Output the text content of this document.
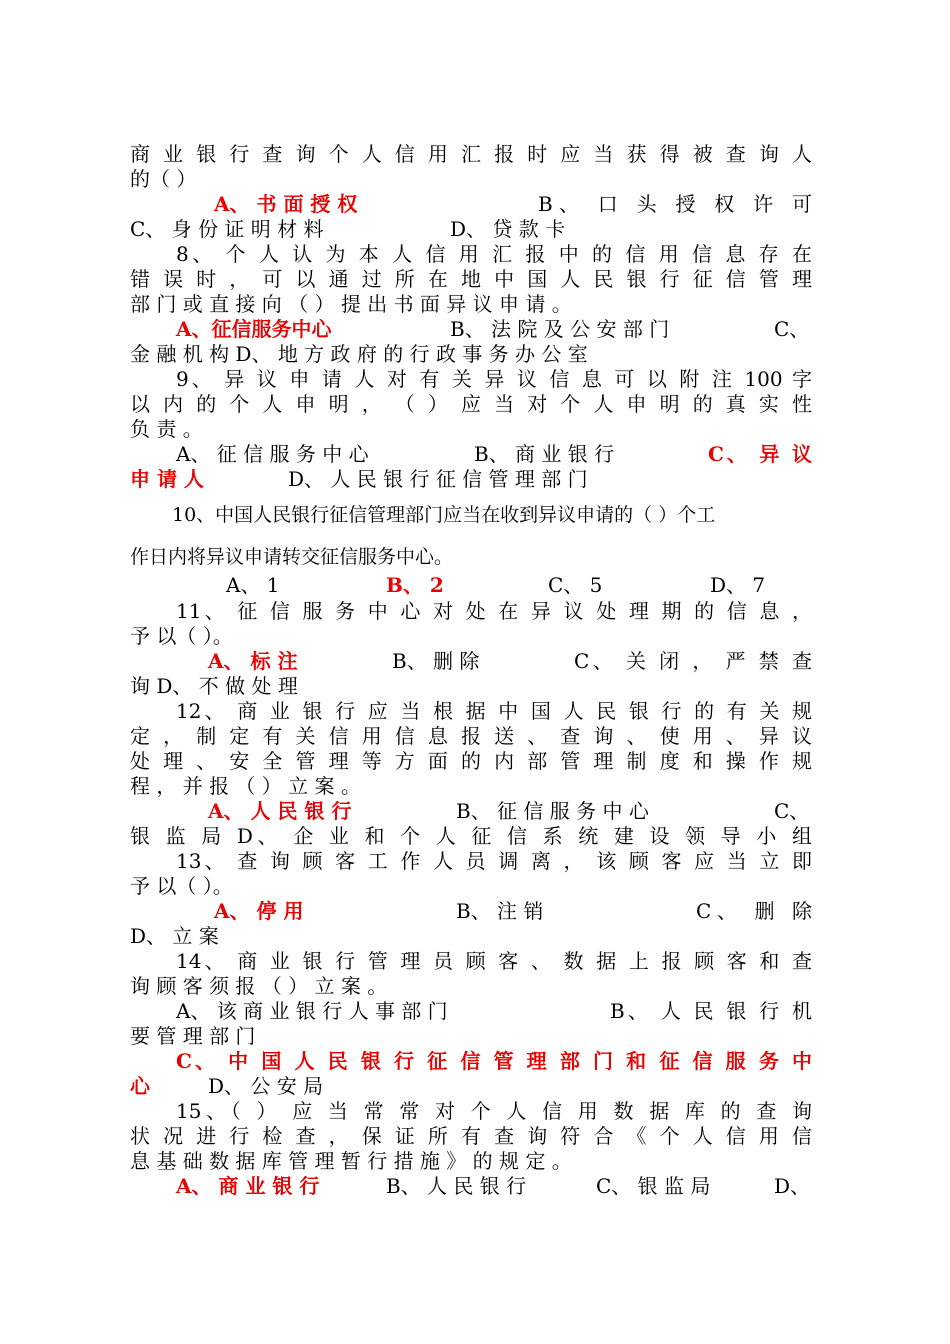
商 业 银 行 查 询 个 人 信 用 汇 报 时 应 当 获 得 被 查 询 人
的（ ）
A、 书 面 授 权	B、 口 头 授 权 许 可
C、 身 份 证 明 材 料	D、 贷 款 卡
8、 个 人 认 为 本 人 信 用 汇 报 中 的 信 用 信 息 存 在
错 误 时 ， 可 以 通 过 所 在 地 中 国 人 民 银 行 征 信 管 理
部 门 或 直 接 向 （ ） 提 出 书 面 异 议 申 请 。
A、征信服务中心	B、 法 院 及 公 安 部 门	C、
金 融 机 构 D、 地 方 政 府 的 行 政 事 务 办 公 室
9、 异 议 申 请 人 对 有 关 异 议 信 息 可 以 附 注 100 字
以 内 的 个 人 申 明 ， （ ） 应 当 对 个 人 申 明 的 真 实 性
负 责 。
A、 征 信 服 务 中 心	B、 商 业 银 行	C、 异 议
申 请 人	D、 人 民 银 行 征 信 管 理 部 门
10、中国人民银行征信管理部门应当在收到异议申请的（ ）个工
作日内将异议申请转交征信服务中心。
A、 1	B、 2	C、 5	D、 7
11、 征 信 服 务 中 心 对 处 在 异 议 处 理 期 的 信 息 ，
予 以（ ）。
A、 标 注	B、 删 除	C、 关 闭 ， 严 禁 查
询 D、 不 做 处 理
12、 商 业 银 行 应 当 根 据 中 国 人 民 银 行 的 有 关 规
定 ， 制 定 有 关 信 用 信 息 报 送 、 查 询 、 使 用 、 异 议
处 理 、 安 全 管 理 等 方 面 的 内 部 管 理 制 度 和 操 作 规
程 ， 并 报 （ ） 立 案 。
A、 人 民 银 行	B、 征 信 服 务 中 心	C、
银 监 局 D、 企 业 和 个 人 征 信 系 统 建 设 领 导 小 组
13、 查 询 顾 客 工 作 人 员 调 离 ， 该 顾 客 应 当 立 即
予 以（ ）。
A、 停 用	B、 注 销	C、 删 除
D、 立 案
14、 商 业 银 行 管 理 员 顾 客 、 数 据 上 报 顾 客 和 查
询 顾 客 须 报 （ ） 立 案 。
A、 该 商 业 银 行 人 事 部 门	B、 人 民 银 行 机
要 管 理 部 门
C、 中 国 人 民 银 行 征 信 管 理 部 门 和 征 信 服 务 中
心	D、 公 安 局
15、（ ） 应 当 常 常 对 个 人 信 用 数 据 库 的 查 询
状 况 进 行 检 查 ， 保 证 所 有 查 询 符 合 《 个 人 信 用 信
息 基 础 数 据 库 管 理 暂 行 措 施 》 的 规 定 。
A、 商 业 银 行	B、 人 民 银 行	C、 银 监 局	D、
